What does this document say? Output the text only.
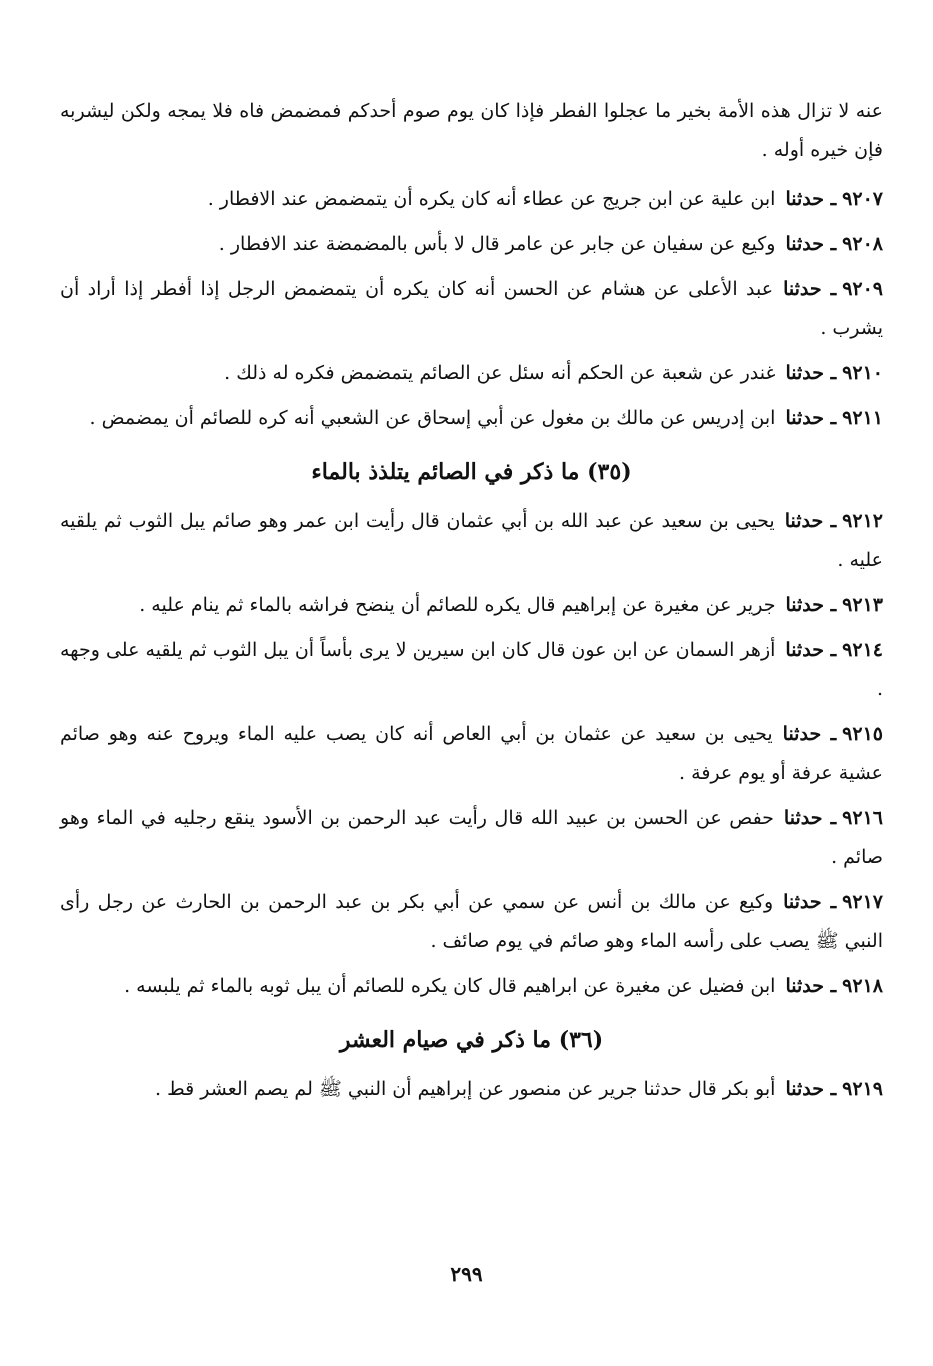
عنه لا تزال هذه الأمة بخير ما عجلوا الفطر فإذا كان يوم صوم أحدكم فمضمض فاه فلا يمجه ولكن ليشربه فإن خيره أوله .

٩٢٠٧ـ حدثناابن علية عن ابن جريج عن عطاء أنه كان يكره أن يتمضمض عند الافطار .

٩٢٠٨ـ حدثناوكيع عن سفيان عن جابر عن عامر قال لا بأس بالمضمضة عند الافطار .

٩٢٠٩ـ حدثناعبد الأعلى عن هشام عن الحسن أنه كان يكره أن يتمضمض الرجل إذا أفطر إذا أراد أن يشرب .

٩٢١٠ـ حدثناغندر عن شعبة عن الحكم أنه سئل عن الصائم يتمضمض فكره له ذلك .

٩٢١١ـ حدثناابن إدريس عن مالك بن مغول عن أبي إسحاق عن الشعبي أنه كره للصائم أن يمضمض .

(٣٥) ما ذكر في الصائم يتلذذ بالماء

٩٢١٢ـ حدثنايحيى بن سعيد عن عبد الله بن أبي عثمان قال رأيت ابن عمر وهو صائم يبل الثوب ثم يلقيه عليه .

٩٢١٣ـ حدثناجرير عن مغيرة عن إبراهيم قال يكره للصائم أن ينضح فراشه بالماء ثم ينام عليه .

٩٢١٤ـ حدثناأزهر السمان عن ابن عون قال كان ابن سيرين لا يرى بأساً أن يبل الثوب ثم يلقيه على وجهه .

٩٢١٥ـ حدثنايحيى بن سعيد عن عثمان بن أبي العاص أنه كان يصب عليه الماء ويروح عنه وهو صائم عشية عرفة أو يوم عرفة .

٩٢١٦ـ حدثناحفص عن الحسن بن عبيد الله قال رأيت عبد الرحمن بن الأسود ينقع رجليه في الماء وهو صائم .

٩٢١٧ـ حدثناوكيع عن مالك بن أنس عن سمي عن أبي بكر بن عبد الرحمن بن الحارث عن رجل رأى النبي ﷺ يصب على رأسه الماء وهو صائم في يوم صائف .

٩٢١٨ـ حدثناابن فضيل عن مغيرة عن ابراهيم قال كان يكره للصائم أن يبل ثوبه بالماء ثم يلبسه .

(٣٦) ما ذكر في صيام العشر

٩٢١٩ـ حدثناأبو بكر قال حدثنا جرير عن منصور عن إبراهيم أن النبي ﷺ لم يصم العشر قط .

٢٩٩
